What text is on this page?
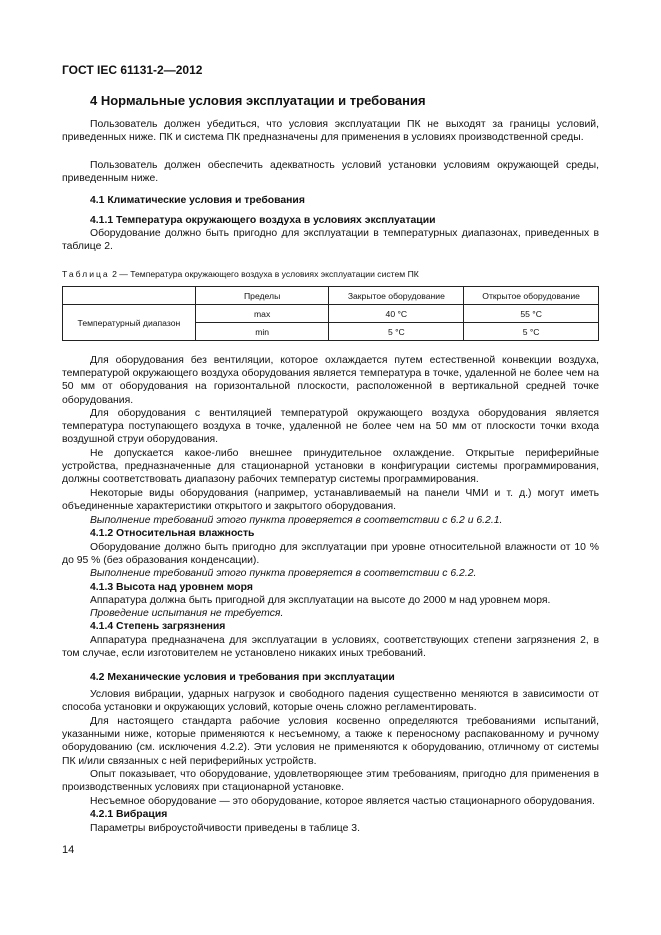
ГОСТ IEC 61131-2—2012
4 Нормальные условия эксплуатации и требования

Пользователь должен убедиться, что условия эксплуатации ПК не выходят за границы условий, приведенных ниже. ПК и система ПК предназначены для применения в условиях производственной среды.

Пользователь должен обеспечить адекватность условий установки условиям окружающей среды, приведенным ниже.

4.1 Климатические условия и требования

4.1.1 Температура окружающего воздуха в условиях эксплуатации

Оборудование должно быть пригодно для эксплуатации в температурных диапазонах, приведенных в таблице 2.

Таблица 2 — Температура окружающего воздуха в условиях эксплуатации систем ПК
	Пределы	Закрытое оборудование	Открытое оборудование
Температурный диапазон	max	40 °С	55 °С
	min	5 °С	5 °С

Для оборудования без вентиляции, которое охлаждается путем естественной конвекции воздуха, температурой окружающего воздуха оборудования является температура в точке, удаленной не более чем на 50 мм от оборудования на горизонтальной плоскости, расположенной в вертикальной средней точке оборудования.

Для оборудования с вентиляцией температурой окружающего воздуха оборудования является температура поступающего воздуха в точке, удаленной не более чем на 50 мм от плоскости точки входа воздушной струи оборудования.

Не допускается какое-либо внешнее принудительное охлаждение. Открытые периферийные устройства, предназначенные для стационарной установки в конфигурации системы программирования, должны соответствовать диапазону рабочих температур системы программирования.

Некоторые виды оборудования (например, устанавливаемый на панели ЧМИ и т. д.) могут иметь объединенные характеристики открытого и закрытого оборудования.

Выполнение требований этого пункта проверяется в соответствии с 6.2 и 6.2.1.

4.1.2 Относительная влажность

Оборудование должно быть пригодно для эксплуатации при уровне относительной влажности от 10 % до 95 % (без образования конденсации).

Выполнение требований этого пункта проверяется в соответствии с 6.2.2.

4.1.3 Высота над уровнем моря

Аппаратура должна быть пригодной для эксплуатации на высоте до 2000 м над уровнем моря.

Проведение испытания не требуется.

4.1.4 Степень загрязнения

Аппаратура предназначена для эксплуатации в условиях, соответствующих степени загрязнения 2, в том случае, если изготовителем не установлено никаких иных требований.

4.2 Механические условия и требования при эксплуатации

Условия вибрации, ударных нагрузок и свободного падения существенно меняются в зависимости от способа установки и окружающих условий, которые очень сложно регламентировать.

Для настоящего стандарта рабочие условия косвенно определяются требованиями испытаний, указанными ниже, которые применяются к несъемному, а также к переносному распакованному и ручному оборудованию (см. исключения 4.2.2). Эти условия не применяются к оборудованию, отличному от системы ПК и/или связанных с ней периферийных устройств.

Опыт показывает, что оборудование, удовлетворяющее этим требованиям, пригодно для применения в производственных условиях при стационарной установке.

Несъемное оборудование — это оборудование, которое является частью стационарного оборудования.

4.2.1 Вибрация

Параметры виброустойчивости приведены в таблице 3.

14
